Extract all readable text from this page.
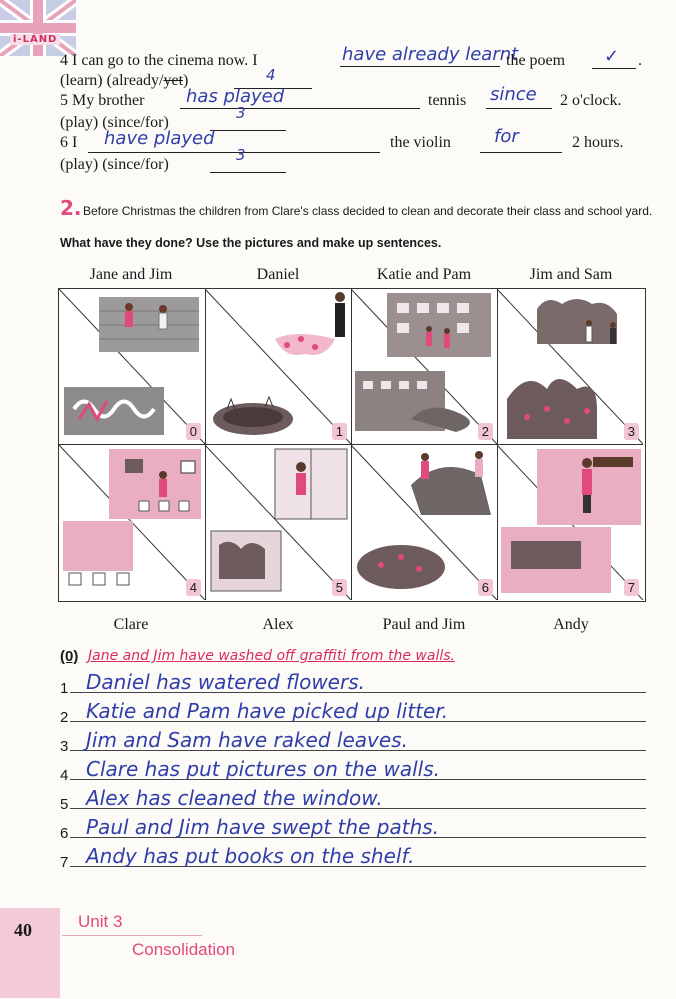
i-LAND
4 I can go to the cinema now. I	have already learnt
the poem ✓ .
(learn) (already/yet)	4
5 My brother has played	tennis since 2 o'clock.
(play) (since/for)
3
6 I have played	the violin for	2 hours.
(play) (since/for)
3
2. Before Christmas the children from Clare's class decided to clean and decorate their class and school yard.
What have they done? Use the pictures and make up sentences.
Jane and Jim	Daniel	Katie and Pam	Jim and Sam
0	1	2	3
4	5	6	7
Clare	Alex	Paul and Jim	Andy
(0) Jane and Jim have washed off graffiti from the walls.
1 Daniel has watered flowers.
2 Katie and Pam have picked up litter.
3 Jim and Sam have raked leaves.
4 Clare has put pictures on the walls.
5 Alex has cleaned the window.
6 Paul and Jim have swept the paths.
7 Andy has put books on the shelf.
40	Unit 3
Consolidation
